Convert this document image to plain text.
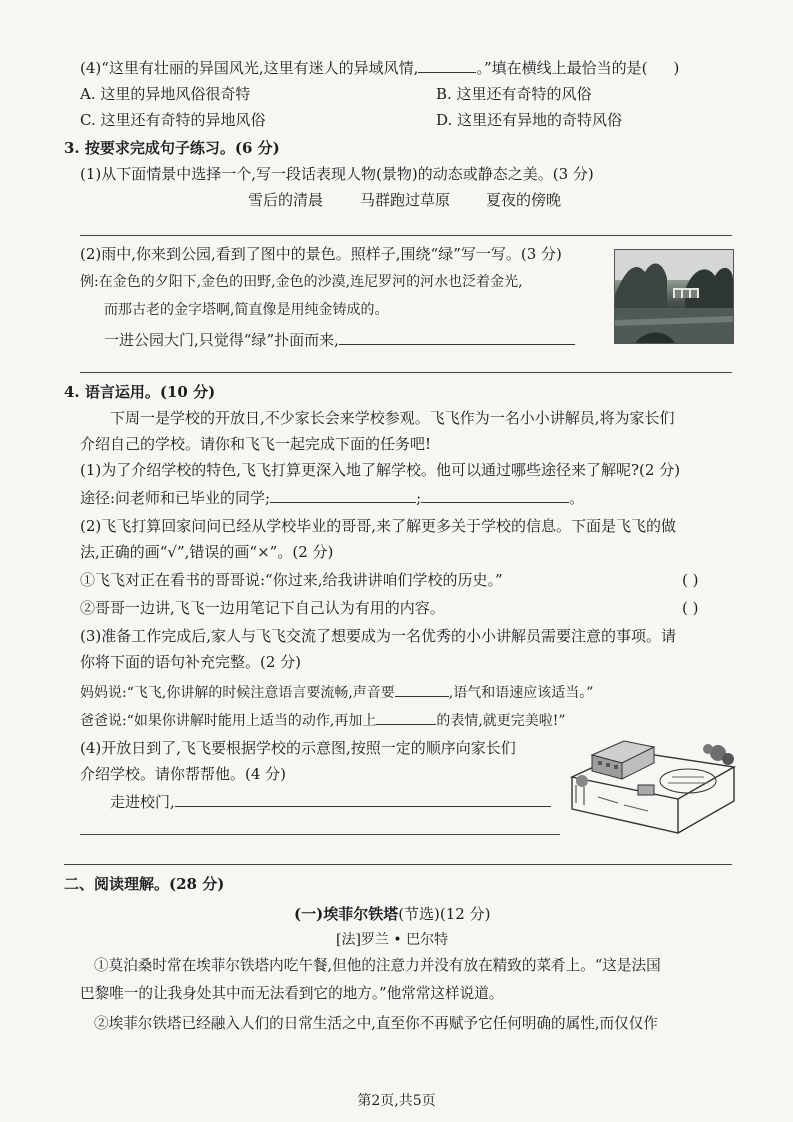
(4)“这里有壮丽的异国风光,这里有迷人的异域风情,	。”填在横线上最恰当的是( )
A. 这里的异地风俗很奇特	B. 这里还有奇特的风俗
C. 这里还有奇特的异地风俗	D. 这里还有异地的奇特风俗
3. 按要求完成句子练习。(6 分)
(1)从下面情景中选择一个,写一段话表现人物(景物)的动态或静态之美。(3 分)
雪后的清晨 马群跑过草原 夏夜的傍晚
(2)雨中,你来到公园,看到了图中的景色。照样子,围绕“绿”写一写。(3 分)
例:在金色的夕阳下,金色的田野,金色的沙漠,连尼罗河的河水也泛着金光,
而那古老的金字塔啊,简直像是用纯金铸成的。
一进公园大门,只觉得“绿”扑面而来,
4. 语言运用。(10 分)
下周一是学校的开放日,不少家长会来学校参观。飞飞作为一名小小讲解员,将为家长们
介绍自己的学校。请你和飞飞一起完成下面的任务吧!
(1)为了介绍学校的特色,飞飞打算更深入地了解学校。他可以通过哪些途径来了解呢?(2 分)
途径:问老师和已毕业的同学;	;	。
(2)飞飞打算回家问问已经从学校毕业的哥哥,来了解更多关于学校的信息。下面是飞飞的做
法,正确的画“√”,错误的画“×”。(2 分)
①飞飞对正在看书的哥哥说:“你过来,给我讲讲咱们学校的历史。”	( )
②哥哥一边讲,飞飞一边用笔记下自己认为有用的内容。	( )
(3)准备工作完成后,家人与飞飞交流了想要成为一名优秀的小小讲解员需要注意的事项。请
你将下面的语句补充完整。(2 分)
妈妈说:“飞飞,你讲解的时候注意语言要流畅,声音要	,语气和语速应该适当。”
爸爸说:“如果你讲解时能用上适当的动作,再加上	的表情,就更完美啦!”
(4)开放日到了,飞飞要根据学校的示意图,按照一定的顺序向家长们
介绍学校。请你帮帮他。(4 分)
走进校门,
二、阅读理解。(28 分)
(一)埃菲尔铁塔(节选)(12 分)
[法]罗兰 • 巴尔特
①莫泊桑时常在埃菲尔铁塔内吃午餐,但他的注意力并没有放在精致的菜肴上。“这是法国
巴黎唯一的让我身处其中而无法看到它的地方。”他常常这样说道。
②埃菲尔铁塔已经融入人们的日常生活之中,直至你不再赋予它任何明确的属性,而仅仅作
第2页,共5页
